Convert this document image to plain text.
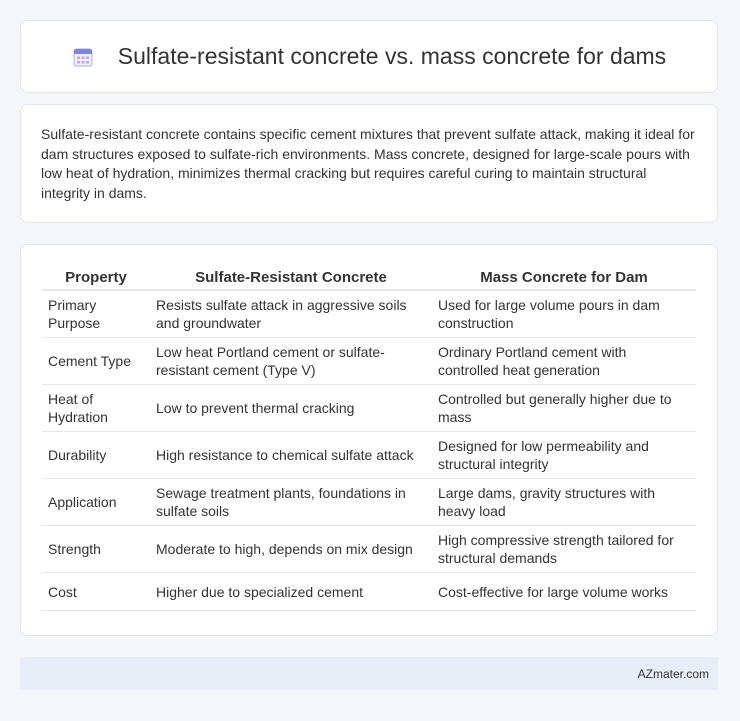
Sulfate-resistant concrete vs. mass concrete for dams

Sulfate-resistant concrete contains specific cement mixtures that prevent sulfate attack, making it ideal for dam structures exposed to sulfate-rich environments. Mass concrete, designed for large-scale pours with low heat of hydration, minimizes thermal cracking but requires careful curing to maintain structural integrity in dams.

Property	Sulfate-Resistant Concrete	Mass Concrete for Dam
Primary Purpose	Resists sulfate attack in aggressive soils and groundwater	Used for large volume pours in dam construction
Cement Type	Low heat Portland cement or sulfate-resistant cement (Type V)	Ordinary Portland cement with controlled heat generation
Heat of Hydration	Low to prevent thermal cracking	Controlled but generally higher due to mass
Durability	High resistance to chemical sulfate attack	Designed for low permeability and structural integrity
Application	Sewage treatment plants, foundations in sulfate soils	Large dams, gravity structures with heavy load
Strength	Moderate to high, depends on mix design	High compressive strength tailored for structural demands
Cost	Higher due to specialized cement	Cost-effective for large volume works
AZmater.com
